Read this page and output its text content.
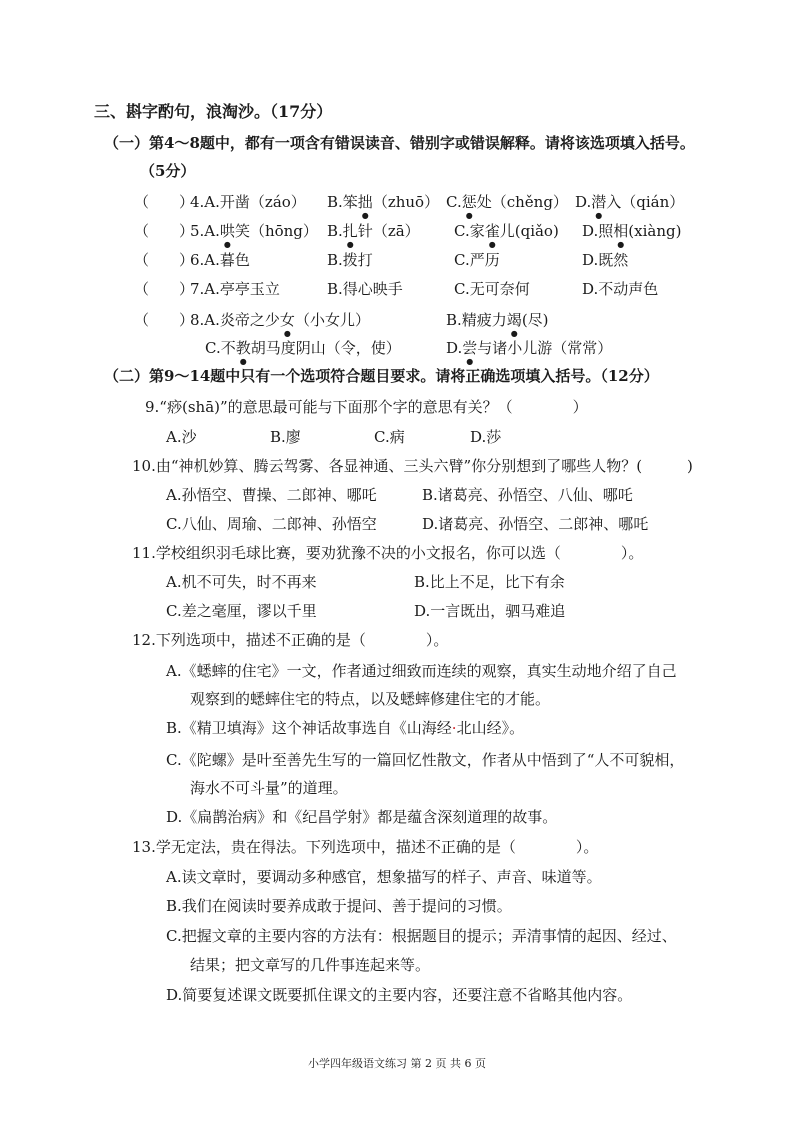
三、斟字酌句，浪淘沙。（17分）
（一）第4～8题中，都有一项含有错误读音、错别字或错误解释。请将该选项填入括号。
（5分）
（　　）
4.A.开凿（záo） B.笨拙（zhuō） C.惩处（chěng） D.潜入（qián）
（　　）
5.A.哄笑（hōng） B.扎针（zā） C.家雀儿(qiǎo) D.照相(xiàng)
（　　）
6.A.暮色	B.拨打	C.严历	D.既然
（　　）
7.A.亭亭玉立	B.得心映手	C.无可奈何	D.不动声色
（　　）
8.A.炎帝之少女（小女儿）	B.精疲力竭(尽)
C.不教胡马度阴山（令，使）	D.尝与诸小儿游（常常）
（二）第9～14题中只有一个选项符合题目要求。请将正确选项填入括号。（12分）
9.“痧(shā)”的意思最可能与下面那个字的意思有关？（　　　　）
A.沙	B.廖	C.病	D.莎
10.由“神机妙算、腾云驾雾、各显神通、三头六臂”你分别想到了哪些人物？(　　　)
A.孙悟空、曹操、二郎神、哪吒	B.诸葛亮、孙悟空、八仙、哪吒
C.八仙、周瑜、二郎神、孙悟空	D.诸葛亮、孙悟空、二郎神、哪吒
11.学校组织羽毛球比赛，要劝犹豫不决的小文报名，你可以选（　　　　）。
A.机不可失，时不再来	B.比上不足，比下有余
C.差之毫厘，谬以千里	D.一言既出，驷马难追
12.下列选项中，描述不正确的是（　　　　）。
A.《蟋蟀的住宅》一文，作者通过细致而连续的观察，真实生动地介绍了自己
观察到的蟋蟀住宅的特点，以及蟋蟀修建住宅的才能。
B.《精卫填海》这个神话故事选自《山海经·北山经》。
C.《陀螺》是叶至善先生写的一篇回忆性散文，作者从中悟到了“人不可貌相，
海水不可斗量”的道理。
D.《扁鹊治病》和《纪昌学射》都是蕴含深刻道理的故事。
13.学无定法，贵在得法。下列选项中，描述不正确的是（　　　　）。
A.读文章时，要调动多种感官，想象描写的样子、声音、味道等。
B.我们在阅读时要养成敢于提问、善于提问的习惯。
C.把握文章的主要内容的方法有：根据题目的提示；弄清事情的起因、经过、
结果；把文章写的几件事连起来等。
D.简要复述课文既要抓住课文的主要内容，还要注意不省略其他内容。
小学四年级语文练习 第 2 页 共 6 页
